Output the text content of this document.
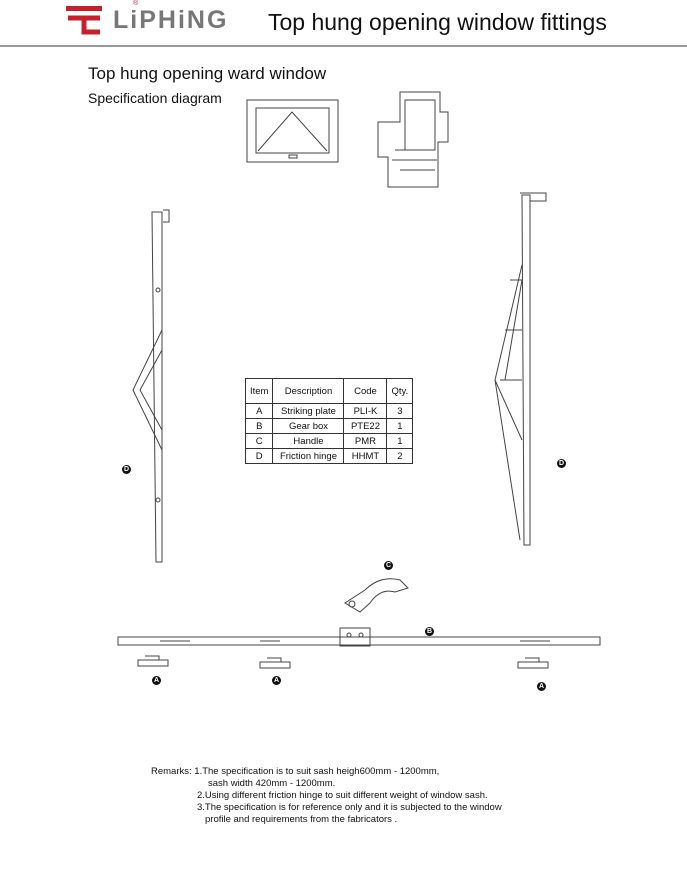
®
LiPHiNG Top hung opening window fittings
Top hung opening ward window
Specification diagram
D
D
C
B
A	A
A
Item	Description	Code	Qty.
A	Striking plate	PLI-K	3
B	Gear box	PTE22	1
C	Handle	PMR	1
D	Friction hinge	HHMT	2
Remarks: 1.The specification is to suit sash heigh600mm - 1200mm,
sash width 420mm - 1200mm.
2.Using different friction hinge to suit different weight of window sash.
3.The specification is for reference only and it is subjected to the window
profile and requirements from the fabricators .
